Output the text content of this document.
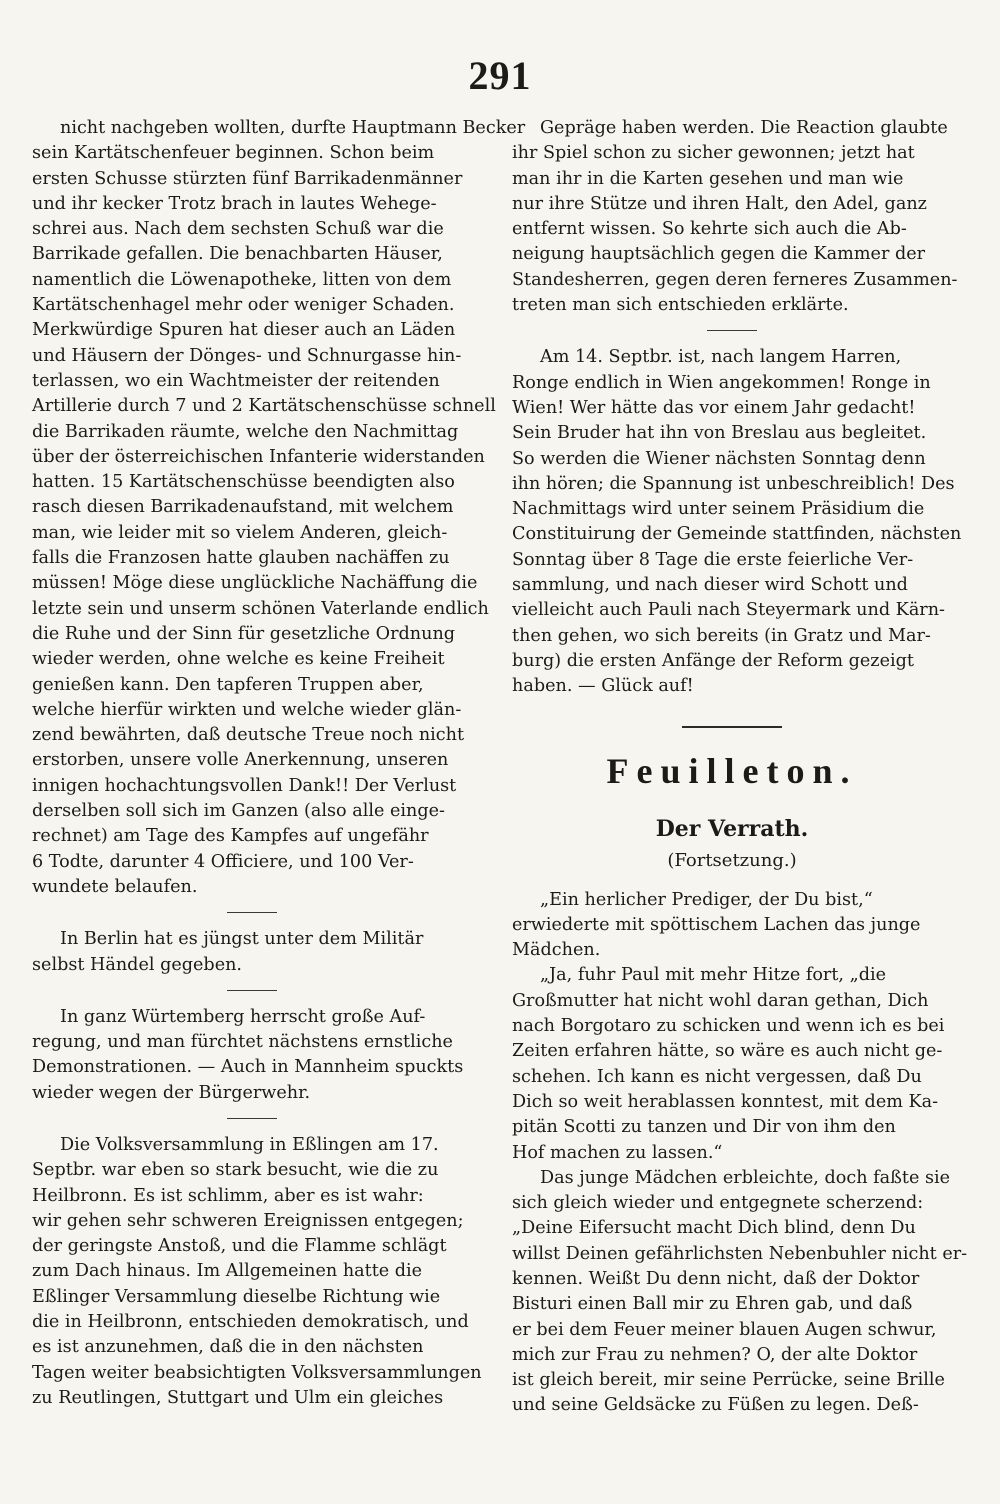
291
nicht nachgeben wollten, durfte Hauptmann Becker
sein Kartätschenfeuer beginnen. Schon beim
ersten Schusse stürzten fünf Barrikadenmänner
und ihr kecker Trotz brach in lautes Wehege-
schrei aus. Nach dem sechsten Schuß war die
Barrikade gefallen. Die benachbarten Häuser,
namentlich die Löwenapotheke, litten von dem
Kartätschenhagel mehr oder weniger Schaden.
Merkwürdige Spuren hat dieser auch an Läden
und Häusern der Dönges- und Schnurgasse hin-
terlassen, wo ein Wachtmeister der reitenden
Artillerie durch 7 und 2 Kartätschenschüsse schnell
die Barrikaden räumte, welche den Nachmittag
über der österreichischen Infanterie widerstanden
hatten. 15 Kartätschenschüsse beendigten also
rasch diesen Barrikadenaufstand, mit welchem
man, wie leider mit so vielem Anderen, gleich-
falls die Franzosen hatte glauben nachäffen zu
müssen! Möge diese unglückliche Nachäffung die
letzte sein und unserm schönen Vaterlande endlich
die Ruhe und der Sinn für gesetzliche Ordnung
wieder werden, ohne welche es keine Freiheit
genießen kann. Den tapferen Truppen aber,
welche hierfür wirkten und welche wieder glän-
zend bewährten, daß deutsche Treue noch nicht
erstorben, unsere volle Anerkennung, unseren
innigen hochachtungsvollen Dank!! Der Verlust
derselben soll sich im Ganzen (also alle einge-
rechnet) am Tage des Kampfes auf ungefähr
6 Todte, darunter 4 Officiere, und 100 Ver-
wundete belaufen.
In Berlin hat es jüngst unter dem Militär
selbst Händel gegeben.
In ganz Würtemberg herrscht große Auf-
regung, und man fürchtet nächstens ernstliche
Demonstrationen. — Auch in Mannheim spuckts
wieder wegen der Bürgerwehr.
Die Volksversammlung in Eßlingen am 17.
Septbr. war eben so stark besucht, wie die zu
Heilbronn. Es ist schlimm, aber es ist wahr:
wir gehen sehr schweren Ereignissen entgegen;
der geringste Anstoß, und die Flamme schlägt
zum Dach hinaus. Im Allgemeinen hatte die
Eßlinger Versammlung dieselbe Richtung wie
die in Heilbronn, entschieden demokratisch, und
es ist anzunehmen, daß die in den nächsten
Tagen weiter beabsichtigten Volksversammlungen
zu Reutlingen, Stuttgart und Ulm ein gleiches
Gepräge haben werden. Die Reaction glaubte
ihr Spiel schon zu sicher gewonnen; jetzt hat
man ihr in die Karten gesehen und man wie
nur ihre Stütze und ihren Halt, den Adel, ganz
entfernt wissen. So kehrte sich auch die Ab-
neigung hauptsächlich gegen die Kammer der
Standesherren, gegen deren ferneres Zusammen-
treten man sich entschieden erklärte.
Am 14. Septbr. ist, nach langem Harren,
Ronge endlich in Wien angekommen! Ronge in
Wien! Wer hätte das vor einem Jahr gedacht!
Sein Bruder hat ihn von Breslau aus begleitet.
So werden die Wiener nächsten Sonntag denn
ihn hören; die Spannung ist unbeschreiblich! Des
Nachmittags wird unter seinem Präsidium die
Constituirung der Gemeinde stattfinden, nächsten
Sonntag über 8 Tage die erste feierliche Ver-
sammlung, und nach dieser wird Schott und
vielleicht auch Pauli nach Steyermark und Kärn-
then gehen, wo sich bereits (in Gratz und Mar-
burg) die ersten Anfänge der Reform gezeigt
haben. — Glück auf!
Feuilleton.
Der Verrath.
(Fortsetzung.)
„Ein herlicher Prediger, der Du bist,“
erwiederte mit spöttischem Lachen das junge
Mädchen.
„Ja, fuhr Paul mit mehr Hitze fort, „die
Großmutter hat nicht wohl daran gethan, Dich
nach Borgotaro zu schicken und wenn ich es bei
Zeiten erfahren hätte, so wäre es auch nicht ge-
schehen. Ich kann es nicht vergessen, daß Du
Dich so weit herablassen konntest, mit dem Ka-
pitän Scotti zu tanzen und Dir von ihm den
Hof machen zu lassen.“
Das junge Mädchen erbleichte, doch faßte sie
sich gleich wieder und entgegnete scherzend:
„Deine Eifersucht macht Dich blind, denn Du
willst Deinen gefährlichsten Nebenbuhler nicht er-
kennen. Weißt Du denn nicht, daß der Doktor
Bisturi einen Ball mir zu Ehren gab, und daß
er bei dem Feuer meiner blauen Augen schwur,
mich zur Frau zu nehmen? O, der alte Doktor
ist gleich bereit, mir seine Perrücke, seine Brille
und seine Geldsäcke zu Füßen zu legen. Deß-
